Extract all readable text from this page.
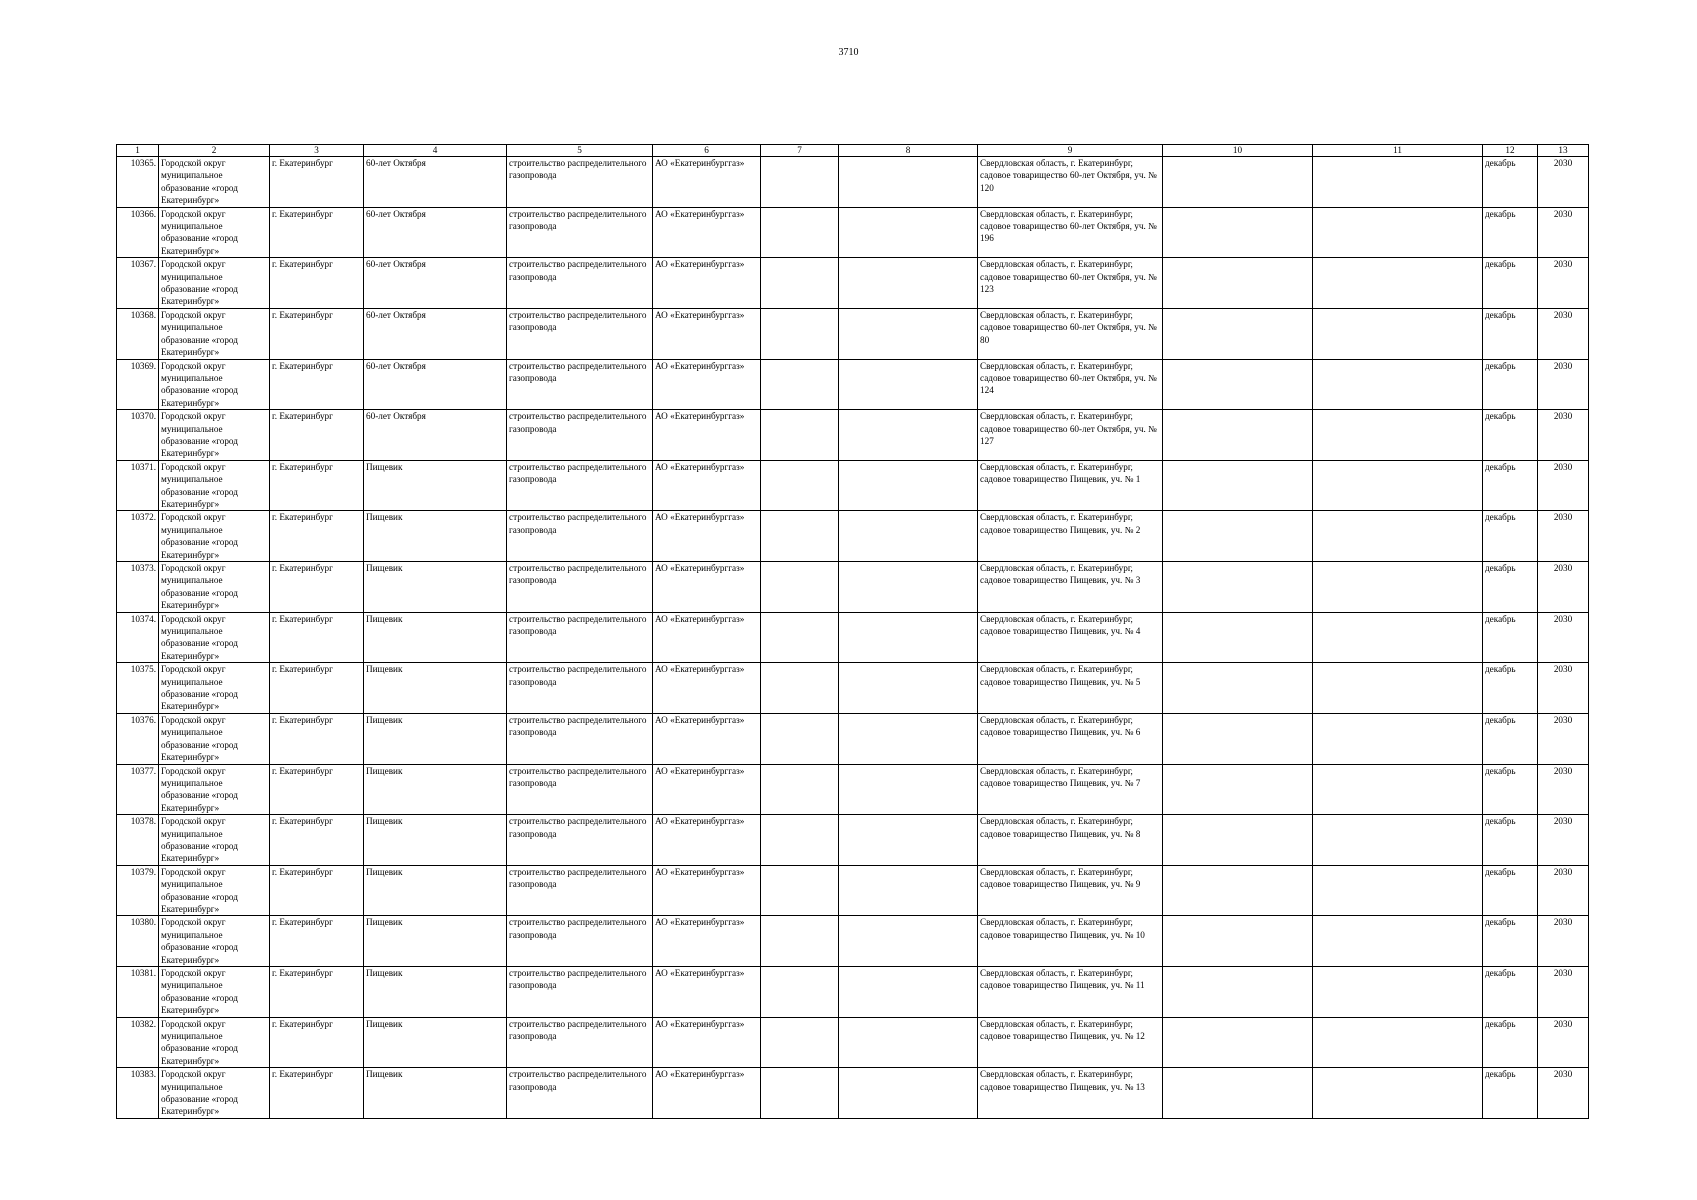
3710
1	2	3	4	5	6	7	8	9	10	11	12	13
10365.	Городской округ муниципальное образование «город Екатеринбург»	г. Екатеринбург	60-лет Октября	строительство распределительного газопровода	АО «Екатеринбурггаз»			Свердловская область, г. Екатеринбург, садовое товарищество 60-лет Октября, уч. № 120			декабрь	2030
10366.	Городской округ муниципальное образование «город Екатеринбург»	г. Екатеринбург	60-лет Октября	строительство распределительного газопровода	АО «Екатеринбурггаз»			Свердловская область, г. Екатеринбург, садовое товарищество 60-лет Октября, уч. № 196			декабрь	2030
10367.	Городской округ муниципальное образование «город Екатеринбург»	г. Екатеринбург	60-лет Октября	строительство распределительного газопровода	АО «Екатеринбурггаз»			Свердловская область, г. Екатеринбург, садовое товарищество 60-лет Октября, уч. № 123			декабрь	2030
10368.	Городской округ муниципальное образование «город Екатеринбург»	г. Екатеринбург	60-лет Октября	строительство распределительного газопровода	АО «Екатеринбурггаз»			Свердловская область, г. Екатеринбург, садовое товарищество 60-лет Октября, уч. № 80			декабрь	2030
10369.	Городской округ муниципальное образование «город Екатеринбург»	г. Екатеринбург	60-лет Октября	строительство распределительного газопровода	АО «Екатеринбурггаз»			Свердловская область, г. Екатеринбург, садовое товарищество 60-лет Октября, уч. № 124			декабрь	2030
10370.	Городской округ муниципальное образование «город Екатеринбург»	г. Екатеринбург	60-лет Октября	строительство распределительного газопровода	АО «Екатеринбурггаз»			Свердловская область, г. Екатеринбург, садовое товарищество 60-лет Октября, уч. № 127			декабрь	2030
10371.	Городской округ муниципальное образование «город Екатеринбург»	г. Екатеринбург	Пищевик	строительство распределительного газопровода	АО «Екатеринбурггаз»			Свердловская область, г. Екатеринбург, садовое товарищество Пищевик, уч. № 1			декабрь	2030
10372.	Городской округ муниципальное образование «город Екатеринбург»	г. Екатеринбург	Пищевик	строительство распределительного газопровода	АО «Екатеринбурггаз»			Свердловская область, г. Екатеринбург, садовое товарищество Пищевик, уч. № 2			декабрь	2030
10373.	Городской округ муниципальное образование «город Екатеринбург»	г. Екатеринбург	Пищевик	строительство распределительного газопровода	АО «Екатеринбурггаз»			Свердловская область, г. Екатеринбург, садовое товарищество Пищевик, уч. № 3			декабрь	2030
10374.	Городской округ муниципальное образование «город Екатеринбург»	г. Екатеринбург	Пищевик	строительство распределительного газопровода	АО «Екатеринбурггаз»			Свердловская область, г. Екатеринбург, садовое товарищество Пищевик, уч. № 4			декабрь	2030
10375.	Городской округ муниципальное образование «город Екатеринбург»	г. Екатеринбург	Пищевик	строительство распределительного газопровода	АО «Екатеринбурггаз»			Свердловская область, г. Екатеринбург, садовое товарищество Пищевик, уч. № 5			декабрь	2030
10376.	Городской округ муниципальное образование «город Екатеринбург»	г. Екатеринбург	Пищевик	строительство распределительного газопровода	АО «Екатеринбурггаз»			Свердловская область, г. Екатеринбург, садовое товарищество Пищевик, уч. № 6			декабрь	2030
10377.	Городской округ муниципальное образование «город Екатеринбург»	г. Екатеринбург	Пищевик	строительство распределительного газопровода	АО «Екатеринбурггаз»			Свердловская область, г. Екатеринбург, садовое товарищество Пищевик, уч. № 7			декабрь	2030
10378.	Городской округ муниципальное образование «город Екатеринбург»	г. Екатеринбург	Пищевик	строительство распределительного газопровода	АО «Екатеринбурггаз»			Свердловская область, г. Екатеринбург, садовое товарищество Пищевик, уч. № 8			декабрь	2030
10379.	Городской округ муниципальное образование «город Екатеринбург»	г. Екатеринбург	Пищевик	строительство распределительного газопровода	АО «Екатеринбурггаз»			Свердловская область, г. Екатеринбург, садовое товарищество Пищевик, уч. № 9			декабрь	2030
10380.	Городской округ муниципальное образование «город Екатеринбург»	г. Екатеринбург	Пищевик	строительство распределительного газопровода	АО «Екатеринбурггаз»			Свердловская область, г. Екатеринбург, садовое товарищество Пищевик, уч. № 10			декабрь	2030
10381.	Городской округ муниципальное образование «город Екатеринбург»	г. Екатеринбург	Пищевик	строительство распределительного газопровода	АО «Екатеринбурггаз»			Свердловская область, г. Екатеринбург, садовое товарищество Пищевик, уч. № 11			декабрь	2030
10382.	Городской округ муниципальное образование «город Екатеринбург»	г. Екатеринбург	Пищевик	строительство распределительного газопровода	АО «Екатеринбурггаз»			Свердловская область, г. Екатеринбург, садовое товарищество Пищевик, уч. № 12			декабрь	2030
10383.	Городской округ муниципальное образование «город Екатеринбург»	г. Екатеринбург	Пищевик	строительство распределительного газопровода	АО «Екатеринбурггаз»			Свердловская область, г. Екатеринбург, садовое товарищество Пищевик, уч. № 13			декабрь	2030
